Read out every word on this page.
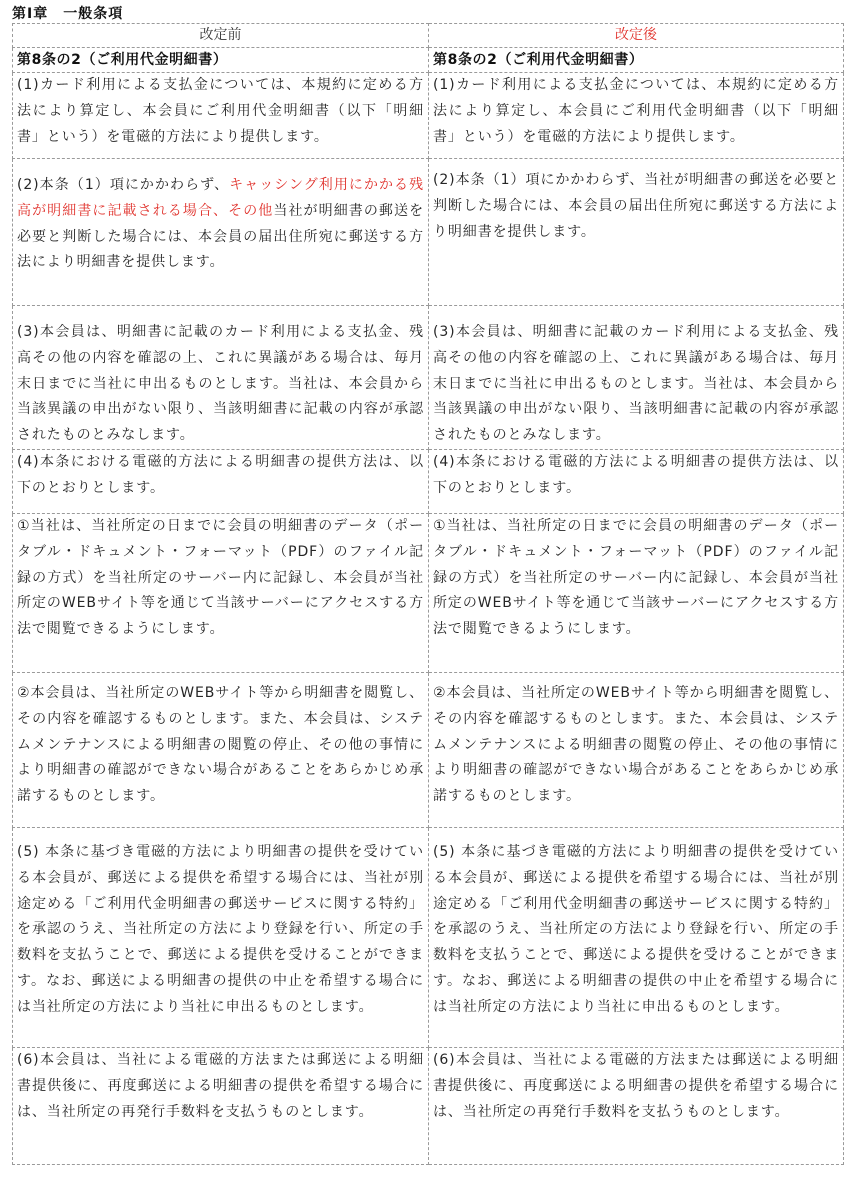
第Ⅰ章　一般条項
改定前	改定後
第8条の2（ご利用代金明細書）	第8条の2（ご利用代金明細書）
(1)カード利用による支払金については、本規約に定める方法により算定し、本会員にご利用代金明細書（以下「明細書」という）を電磁的方法により提供します。	(1)カード利用による支払金については、本規約に定める方法により算定し、本会員にご利用代金明細書（以下「明細書」という）を電磁的方法により提供します。
(2)本条（1）項にかかわらず、キャッシング利用にかかる残高が明細書に記載される場合、その他当社が明細書の郵送を必要と判断した場合には、本会員の届出住所宛に郵送する方法により明細書を提供します。	(2)本条（1）項にかかわらず、当社が明細書の郵送を必要と判断した場合には、本会員の届出住所宛に郵送する方法により明細書を提供します。
(3)本会員は、明細書に記載のカード利用による支払金、残高その他の内容を確認の上、これに異議がある場合は、毎月末日までに当社に申出るものとします。当社は、本会員から当該異議の申出がない限り、当該明細書に記載の内容が承認されたものとみなします。	(3)本会員は、明細書に記載のカード利用による支払金、残高その他の内容を確認の上、これに異議がある場合は、毎月末日までに当社に申出るものとします。当社は、本会員から当該異議の申出がない限り、当該明細書に記載の内容が承認されたものとみなします。
(4)本条における電磁的方法による明細書の提供方法は、以下のとおりとします。	(4)本条における電磁的方法による明細書の提供方法は、以下のとおりとします。
①当社は、当社所定の日までに会員の明細書のデータ（ポータブル・ドキュメント・フォーマット（PDF）のファイル記録の方式）を当社所定のサーバー内に記録し、本会員が当社所定のWEBサイト等を通じて当該サーバーにアクセスする方法で閲覧できるようにします。	①当社は、当社所定の日までに会員の明細書のデータ（ポータブル・ドキュメント・フォーマット（PDF）のファイル記録の方式）を当社所定のサーバー内に記録し、本会員が当社所定のWEBサイト等を通じて当該サーバーにアクセスする方法で閲覧できるようにします。
②本会員は、当社所定のWEBサイト等から明細書を閲覧し、その内容を確認するものとします。また、本会員は、システムメンテナンスによる明細書の閲覧の停止、その他の事情により明細書の確認ができない場合があることをあらかじめ承諾するものとします。	②本会員は、当社所定のWEBサイト等から明細書を閲覧し、その内容を確認するものとします。また、本会員は、システムメンテナンスによる明細書の閲覧の停止、その他の事情により明細書の確認ができない場合があることをあらかじめ承諾するものとします。
(5) 本条に基づき電磁的方法により明細書の提供を受けている本会員が、郵送による提供を希望する場合には、当社が別途定める「ご利用代金明細書の郵送サービスに関する特約」を承認のうえ、当社所定の方法により登録を行い、所定の手数料を支払うことで、郵送による提供を受けることができます。なお、郵送による明細書の提供の中止を希望する場合には当社所定の方法により当社に申出るものとします。	(5) 本条に基づき電磁的方法により明細書の提供を受けている本会員が、郵送による提供を希望する場合には、当社が別途定める「ご利用代金明細書の郵送サービスに関する特約」を承認のうえ、当社所定の方法により登録を行い、所定の手数料を支払うことで、郵送による提供を受けることができます。なお、郵送による明細書の提供の中止を希望する場合には当社所定の方法により当社に申出るものとします。
(6)本会員は、当社による電磁的方法または郵送による明細書提供後に、再度郵送による明細書の提供を希望する場合には、当社所定の再発行手数料を支払うものとします。	(6)本会員は、当社による電磁的方法または郵送による明細書提供後に、再度郵送による明細書の提供を希望する場合には、当社所定の再発行手数料を支払うものとします。
